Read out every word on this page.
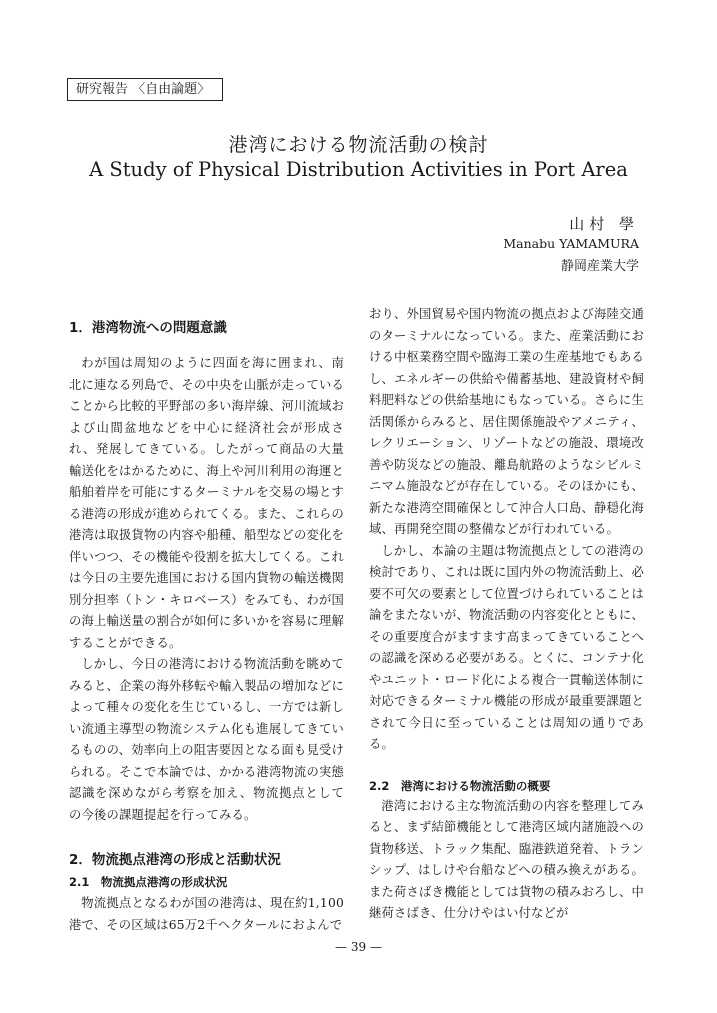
研究報告 〈自由論題〉
港湾における物流活動の検討
A Study of Physical Distribution Activities in Port Area
山村 學
Manabu YAMAMURA
静岡産業大学
1．港湾物流への問題意識

わが国は周知のように四面を海に囲まれ、南北に連なる列島で、その中央を山脈が走っていることから比較的平野部の多い海岸線、河川流域および山間盆地などを中心に経済社会が形成され、発展してきている。したがって商品の大量輸送化をはかるために、海上や河川利用の海運と船舶着岸を可能にするターミナルを交易の場とする港湾の形成が進められてくる。また、これらの港湾は取扱貨物の内容や船種、船型などの変化を伴いつつ、その機能や役割を拡大してくる。これは今日の主要先進国における国内貨物の輸送機関別分担率（トン・キロベース）をみても、わが国の海上輸送量の割合が如何に多いかを容易に理解することができる。

しかし、今日の港湾における物流活動を眺めてみると、企業の海外移転や輸入製品の増加などによって種々の変化を生じているし、一方では新しい流通主導型の物流システム化も進展してきているものの、効率向上の阻害要因となる面も見受けられる。そこで本論では、かかる港湾物流の実態認識を深めながら考察を加え、物流拠点としての今後の課題提起を行ってみる。

2．物流拠点港湾の形成と活動状況
2.1　物流拠点港湾の形成状況

物流拠点となるわが国の港湾は、現在約1,100港で、その区域は65万2千ヘクタールにおよんで

おり、外国貿易や国内物流の拠点および海陸交通のターミナルになっている。また、産業活動における中枢業務空間や臨海工業の生産基地でもあるし、エネルギーの供給や備蓄基地、建設資材や飼料肥料などの供給基地にもなっている。さらに生活関係からみると、居住関係施設やアメニティ、レクリエーション、リゾートなどの施設、環境改善や防災などの施設、離島航路のようなシビルミニマム施設などが存在している。そのほかにも、新たな港湾空間確保として沖合人口島、静穏化海域、再開発空間の整備などが行われている。

しかし、本論の主題は物流拠点としての港湾の検討であり、これは既に国内外の物流活動上、必要不可欠の要素として位置づけられていることは論をまたないが、物流活動の内容変化とともに、その重要度合がますます高まってきていることへの認識を深める必要がある。とくに、コンテナ化やユニット・ロード化による複合一貫輸送体制に対応できるターミナル機能の形成が最重要課題とされて今日に至っていることは周知の通りである。

2.2　港湾における物流活動の概要

港湾における主な物流活動の内容を整理してみると、まず結節機能として港湾区域内諸施設への貨物移送、トラック集配、臨港鉄道発着、トランシップ、はしけや台船などへの積み換えがある。また荷さばき機能としては貨物の積みおろし、中継荷さばき、仕分けやはい付などが

— 39 —
